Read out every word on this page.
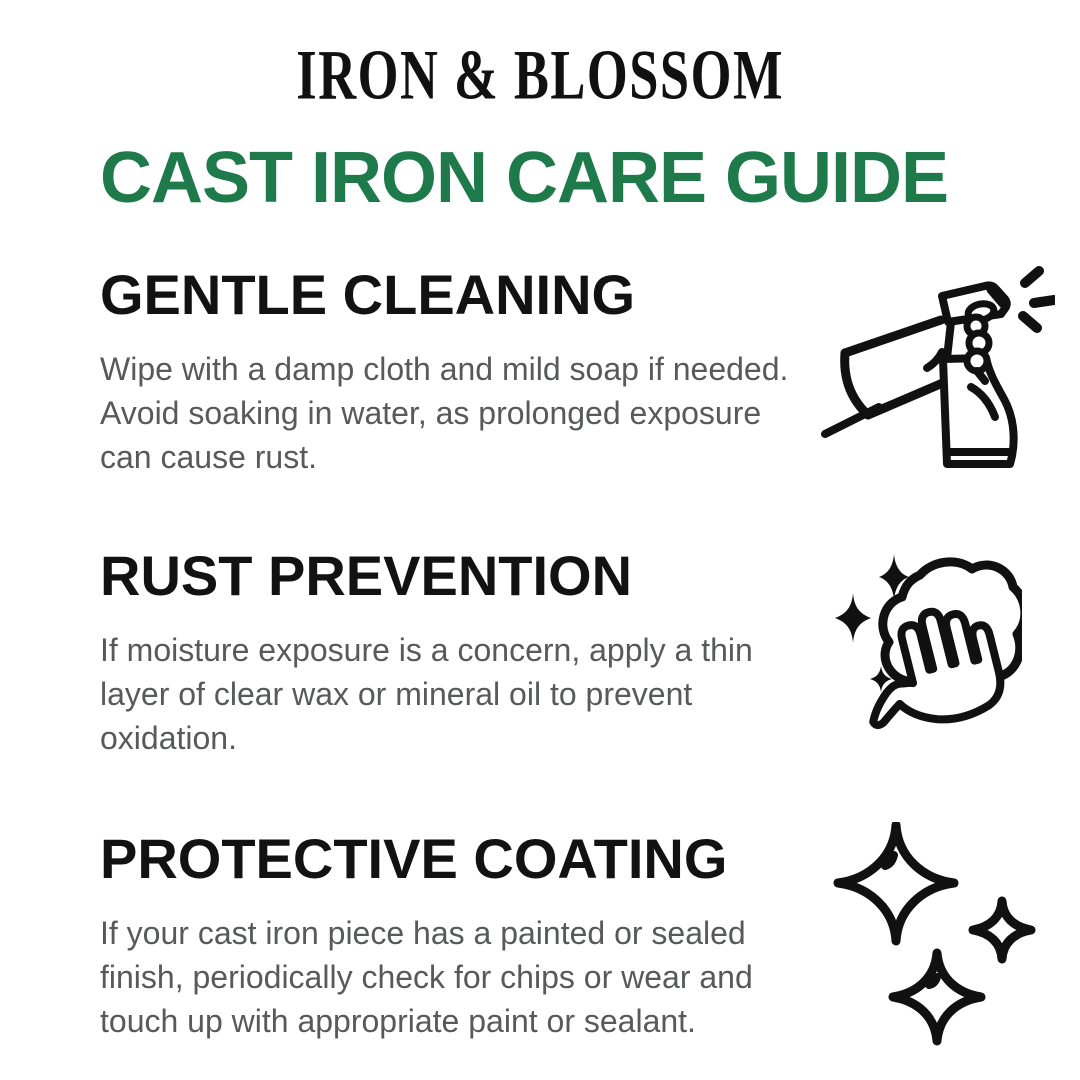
IRON & BLOSSOM
CAST IRON CARE GUIDE
GENTLE CLEANING
Wipe with a damp cloth and mild soap if needed. Avoid soaking in water, as prolonged exposure can cause rust.
RUST PREVENTION
If moisture exposure is a concern, apply a thin layer of clear wax or mineral oil to prevent oxidation.
PROTECTIVE COATING
If your cast iron piece has a painted or sealed finish, periodically check for chips or wear and touch up with appropriate paint or sealant.
